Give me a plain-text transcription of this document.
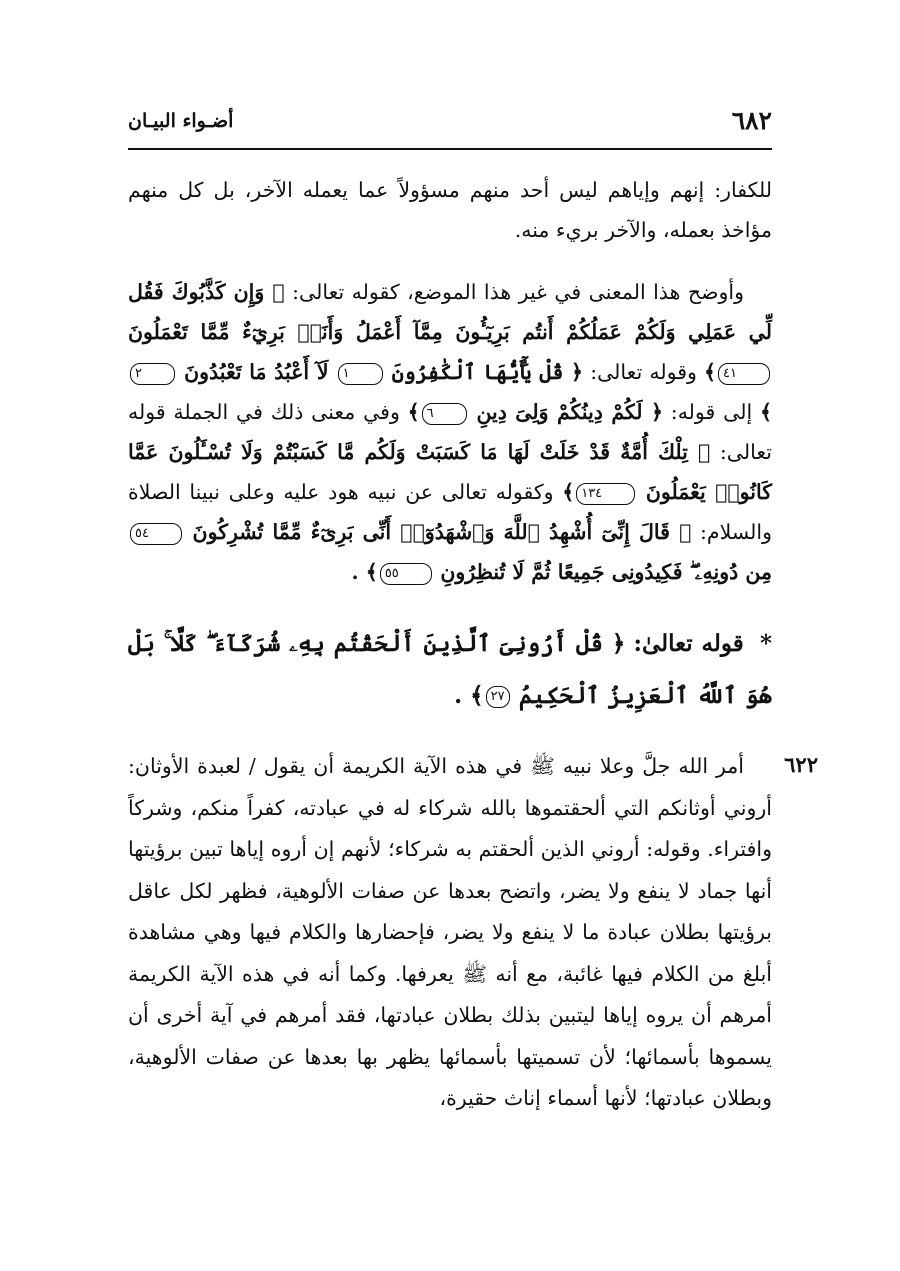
٦٨٢
أضـواء البيـان

للكفار: إنهم وإياهم ليس أحد منهم مسؤولاً عما يعمله الآخر، بل كل منهم مؤاخذ بعمله، والآخر بريء منه.

وأوضح هذا المعنى في غير هذا الموضع، كقوله تعالى: ﴿ وَإِن كَذَّبُوكَ فَقُل لِّي عَمَلِي وَلَكُمْ عَمَلُكُمْ أَنتُم بَرِيٓـُٔونَ مِمَّآ أَعْمَلُ وَأَنَا۠ بَرِيٓءٌ مِّمَّا تَعْمَلُونَ ٤١﴾ وقوله تعالى: ﴿ قُلْ يَٰٓأَيُّهَا ٱلْكَٰفِرُونَ ١ لَآ أَعْبُدُ مَا تَعْبُدُونَ ٢﴾ إلى قوله: ﴿ لَكُمْ دِينُكُمْ وَلِىَ دِينِ ٦﴾ وفي معنى ذلك في الجملة قوله تعالى: ﴿ تِلْكَ أُمَّةٌ قَدْ خَلَتْ لَهَا مَا كَسَبَتْ وَلَكُم مَّا كَسَبْتُمْ وَلَا تُسْـَٔلُونَ عَمَّا كَانُوا۟ يَعْمَلُونَ ١٣٤﴾ وكقوله تعالى عن نبيه هود عليه وعلى نبينا الصلاة والسلام: ﴿ قَالَ إِنِّىٓ أُشْهِدُ ٱللَّهَ وَٱشْهَدُوٓا۟ أَنِّى بَرِىٓءٌ مِّمَّا تُشْرِكُونَ ٥٤ مِن دُونِهِۦ ۖ فَكِيدُونِى جَمِيعًا ثُمَّ لَا تُنظِرُونِ ٥٥﴾ .

* قوله تعالىٰ: ﴿ قُلْ أَرُونِىَ ٱلَّذِينَ أَلْحَقْتُم بِهِۦ شُرَكَآءَ ۖ كَلَّا ۚ بَلْ هُوَ ٱللَّهُ ٱلْعَزِيزُ ٱلْحَكِيمُ ٢٧﴾ .

أمر الله جلَّ وعلا نبيه ﷺ في هذه الآية الكريمة أن يقول / لعبدة الأوثان: أروني أوثانكم التي ألحقتموها بالله شركاء له في عبادته، كفراً منكم، وشركاً وافتراء. وقوله: أروني الذين ألحقتم به شركاء؛ لأنهم إن أروه إياها تبين برؤيتها أنها جماد لا ينفع ولا يضر، واتضح بعدها عن صفات الألوهية، فظهر لكل عاقل برؤيتها بطلان عبادة ما لا ينفع ولا يضر، فإحضارها والكلام فيها وهي مشاهدة أبلغ من الكلام فيها غائبة، مع أنه ﷺ يعرفها. وكما أنه في هذه الآية الكريمة أمرهم أن يروه إياها ليتبين بذلك بطلان عبادتها، فقد أمرهم في آية أخرى أن يسموها بأسمائها؛ لأن تسميتها بأسمائها يظهر بها بعدها عن صفات الألوهية، وبطلان عبادتها؛ لأنها أسماء إناث حقيرة،

٦٢٢
